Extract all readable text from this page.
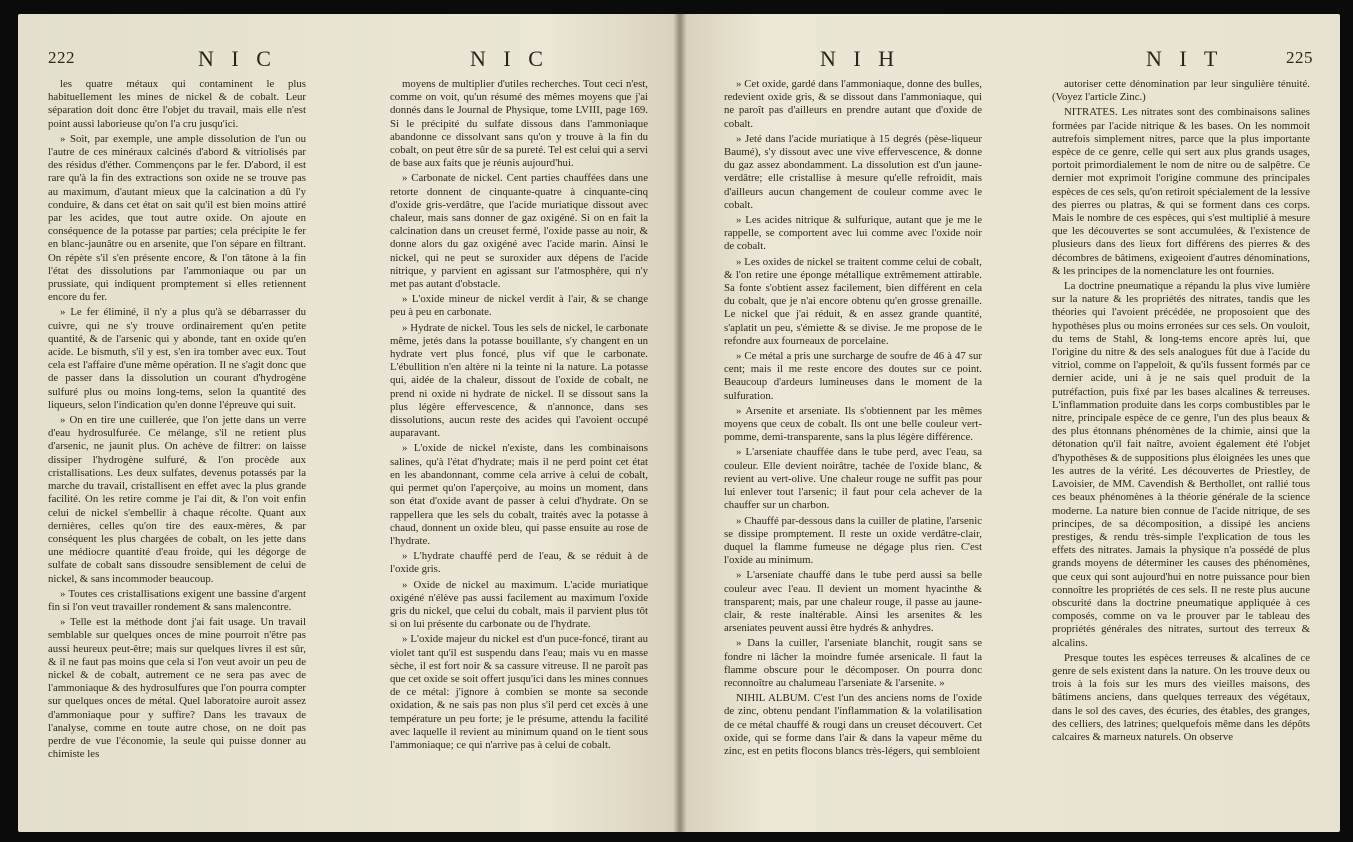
222	N I C	N I C

les quatre métaux qui contaminent le plus habituellement les mines de nickel & de cobalt. Leur séparation doit donc être l'objet du travail, mais elle n'est point aussi laborieuse qu'on l'a cru jusqu'ici.

» Soit, par exemple, une ample dissolution de l'un ou l'autre de ces minéraux calcinés d'abord & vitriolisés par des résidus d'éther. Commençons par le fer. D'abord, il est rare qu'à la fin des extractions son oxide ne se trouve pas au maximum, d'autant mieux que la calcination a dû l'y conduire, & dans cet état on sait qu'il est bien moins attiré par les acides, que tout autre oxide. On ajoute en conséquence de la potasse par parties; cela précipite le fer en blanc-jaunâtre ou en arsenite, que l'on sépare en filtrant. On répète s'il s'en présente encore, & l'on tâtone à la fin l'état des dissolutions par l'ammoniaque ou par un prussiate, qui indiquent promptement si elles retiennent encore du fer.

» Le fer éliminé, il n'y a plus qu'à se débarrasser du cuivre, qui ne s'y trouve ordinairement qu'en petite quantité, & de l'arsenic qui y abonde, tant en oxide qu'en acide. Le bismuth, s'il y est, s'en ira tomber avec eux. Tout cela est l'affaire d'une même opération. Il ne s'agit donc que de passer dans la dissolution un courant d'hydrogène sulfuré plus ou moins long-tems, selon la quantité des liqueurs, selon l'indication qu'en donne l'épreuve qui suit.

» On en tire une cuillerée, que l'on jette dans un verre d'eau hydrosulfurée. Ce mélange, s'il ne retient plus d'arsenic, ne jaunit plus. On achève de filtrer: on laisse dissiper l'hydrogène sulfuré, & l'on procède aux cristallisations. Les deux sulfates, devenus potassés par la marche du travail, cristallisent en effet avec la plus grande facilité. On les retire comme je l'ai dit, & l'on voit enfin celui de nickel s'embellir à chaque récolte. Quant aux dernières, celles qu'on tire des eaux-mères, & par conséquent les plus chargées de cobalt, on les jette dans une médiocre quantité d'eau froide, qui les dégorge de sulfate de cobalt sans dissoudre sensiblement de celui de nickel, & sans incommoder beaucoup.

» Toutes ces cristallisations exigent une bassine d'argent fin si l'on veut travailler rondement & sans malencontre.

» Telle est la méthode dont j'ai fait usage. Un travail semblable sur quelques onces de mine pourroit n'être pas aussi heureux peut-être; mais sur quelques livres il est sûr, & il ne faut pas moins que cela si l'on veut avoir un peu de nickel & de cobalt, autrement ce ne sera pas avec de l'ammoniaque & des hydrosulfures que l'on pourra compter sur quelques onces de métal. Quel laboratoire auroit assez d'ammoniaque pour y suffire? Dans les travaux de l'analyse, comme en toute autre chose, on ne doit pas perdre de vue l'économie, la seule qui puisse donner au chimiste les

moyens de multiplier d'utiles recherches. Tout ceci n'est, comme on voit, qu'un résumé des mêmes moyens que j'ai donnés dans le Journal de Physique, tome LVIII, page 169. Si le précipité du sulfate dissous dans l'ammoniaque abandonne ce dissolvant sans qu'on y trouve à la fin du cobalt, on peut être sûr de sa pureté. Tel est celui qui a servi de base aux faits que je réunis aujourd'hui.

» Carbonate de nickel. Cent parties chauffées dans une retorte donnent de cinquante-quatre à cinquante-cinq d'oxide gris-verdâtre, que l'acide muriatique dissout avec chaleur, mais sans donner de gaz oxigéné. Si on en fait la calcination dans un creuset fermé, l'oxide passe au noir, & donne alors du gaz oxigéné avec l'acide marin. Ainsi le nickel, qui ne peut se suroxider aux dépens de l'acide nitrique, y parvient en agissant sur l'atmosphère, qui n'y met pas autant d'obstacle.

» L'oxide mineur de nickel verdit à l'air, & se change peu à peu en carbonate.

» Hydrate de nickel. Tous les sels de nickel, le carbonate même, jetés dans la potasse bouillante, s'y changent en un hydrate vert plus foncé, plus vif que le carbonate. L'ébullition n'en altère ni la teinte ni la nature. La potasse qui, aidée de la chaleur, dissout de l'oxide de cobalt, ne prend ni oxide ni hydrate de nickel. Il se dissout sans la plus légère effervescence, & n'annonce, dans ses dissolutions, aucun reste des acides qui l'avoient occupé auparavant.

» L'oxide de nickel n'existe, dans les combinaisons salines, qu'à l'état d'hydrate; mais il ne perd point cet état en les abandonnant, comme cela arrive à celui de cobalt, qui permet qu'on l'aperçoive, au moins un moment, dans son état d'oxide avant de passer à celui d'hydrate. On se rappellera que les sels du cobalt, traités avec la potasse à chaud, donnent un oxide bleu, qui passe ensuite au rose de l'hydrate.

» L'hydrate chauffé perd de l'eau, & se réduit à de l'oxide gris.

» Oxide de nickel au maximum. L'acide muriatique oxigéné n'élève pas aussi facilement au maximum l'oxide gris du nickel, que celui du cobalt, mais il parvient plus tôt si on lui présente du carbonate ou de l'hydrate.

» L'oxide majeur du nickel est d'un puce-foncé, tirant au violet tant qu'il est suspendu dans l'eau; mais vu en masse sèche, il est fort noir & sa cassure vitreuse. Il ne paroît pas que cet oxide se soit offert jusqu'ici dans les mines connues de ce métal: j'ignore à combien se monte sa seconde oxidation, & ne sais pas non plus s'il perd cet excès à une température un peu forte; je le présume, attendu la facilité avec laquelle il revient au minimum quand on le tient sous l'ammoniaque; ce qui n'arrive pas à celui de cobalt.

N I H	N I T	225

» Cet oxide, gardé dans l'ammoniaque, donne des bulles, redevient oxide gris, & se dissout dans l'ammoniaque, qui ne paroît pas d'ailleurs en prendre autant que d'oxide de cobalt.

» Jeté dans l'acide muriatique à 15 degrés (pèse-liqueur Baumé), s'y dissout avec une vive effervescence, & donne du gaz assez abondamment. La dissolution est d'un jaune-verdâtre; elle cristallise à mesure qu'elle refroidit, mais d'ailleurs aucun changement de couleur comme avec le cobalt.

» Les acides nitrique & sulfurique, autant que je me le rappelle, se comportent avec lui comme avec l'oxide noir de cobalt.

» Les oxides de nickel se traitent comme celui de cobalt, & l'on retire une éponge métallique extrêmement attirable. Sa fonte s'obtient assez facilement, bien différent en cela du cobalt, que je n'ai encore obtenu qu'en grosse grenaille. Le nickel que j'ai réduit, & en assez grande quantité, s'aplatit un peu, s'émiette & se divise. Je me propose de le refondre aux fourneaux de porcelaine.

» Ce métal a pris une surcharge de soufre de 46 à 47 sur cent; mais il me reste encore des doutes sur ce point. Beaucoup d'ardeurs lumineuses dans le moment de la sulfuration.

» Arsenite et arseniate. Ils s'obtiennent par les mêmes moyens que ceux de cobalt. Ils ont une belle couleur vert-pomme, demi-transparente, sans la plus légère différence.

» L'arseniate chauffée dans le tube perd, avec l'eau, sa couleur. Elle devient noirâtre, tachée de l'oxide blanc, & revient au vert-olive. Une chaleur rouge ne suffit pas pour lui enlever tout l'arsenic; il faut pour cela achever de la chauffer sur un charbon.

» Chauffé par-dessous dans la cuiller de platine, l'arsenic se dissipe promptement. Il reste un oxide verdâtre-clair, duquel la flamme fumeuse ne dégage plus rien. C'est l'oxide au minimum.

» L'arseniate chauffé dans le tube perd aussi sa belle couleur avec l'eau. Il devient un moment hyacinthe & transparent; mais, par une chaleur rouge, il passe au jaune-clair, & reste inaltérable. Ainsi les arsenites & les arseniates peuvent aussi être hydrés & anhydres.

» Dans la cuiller, l'arseniate blanchit, rougit sans se fondre ni lâcher la moindre fumée arsenicale. Il faut la flamme obscure pour le décomposer. On pourra donc reconnoître au chalumeau l'arseniate & l'arsenite. »

NIHIL ALBUM. C'est l'un des anciens noms de l'oxide de zinc, obtenu pendant l'inflammation & la volatilisation de ce métal chauffé & rougi dans un creuset découvert. Cet oxide, qui se forme dans l'air & dans la vapeur même du zinc, est en petits flocons blancs très-légers, qui sembloient

autoriser cette dénomination par leur singulière ténuité. (Voyez l'article Zinc.)

NITRATES. Les nitrates sont des combinaisons salines formées par l'acide nitrique & les bases. On les nommoit autrefois simplement nitres, parce que la plus importante espèce de ce genre, celle qui sert aux plus grands usages, portoit primordialement le nom de nitre ou de salpêtre. Ce dernier mot exprimoit l'origine commune des principales espèces de ces sels, qu'on retiroit spécialement de la lessive des pierres ou platras, & qui se forment dans ces corps. Mais le nombre de ces espèces, qui s'est multiplié à mesure que les découvertes se sont accumulées, & l'existence de plusieurs dans des lieux fort différens des pierres & des décombres de bâtimens, exigeoient d'autres dénominations, & les principes de la nomenclature les ont fournies.

La doctrine pneumatique a répandu la plus vive lumière sur la nature & les propriétés des nitrates, tandis que les théories qui l'avoient précédée, ne proposoient que des hypothèses plus ou moins erronées sur ces sels. On vouloit, du tems de Stahl, & long-tems encore après lui, que l'origine du nitre & des sels analogues fût due à l'acide du vitriol, comme on l'appeloit, & qu'ils fussent formés par ce dernier acide, uni à je ne sais quel produit de la putréfaction, puis fixé par les bases alcalines & terreuses. L'inflammation produite dans les corps combustibles par le nitre, principale espèce de ce genre, l'un des plus beaux & des plus étonnans phénomènes de la chimie, ainsi que la détonation qu'il fait naître, avoient également été l'objet d'hypothèses & de suppositions plus éloignées les unes que les autres de la vérité. Les découvertes de Priestley, de Lavoisier, de MM. Cavendish & Berthollet, ont rallié tous ces beaux phénomènes à la théorie générale de la science moderne. La nature bien connue de l'acide nitrique, de ses principes, de sa décomposition, a dissipé les anciens prestiges, & rendu très-simple l'explication de tous les effets des nitrates. Jamais la physique n'a possédé de plus grands moyens de déterminer les causes des phénomènes, que ceux qui sont aujourd'hui en notre puissance pour bien connoître les propriétés de ces sels. Il ne reste plus aucune obscurité dans la doctrine pneumatique appliquée à ces composés, comme on va le prouver par le tableau des propriétés générales des nitrates, surtout des terreux & alcalins.

Presque toutes les espèces terreuses & alcalines de ce genre de sels existent dans la nature. On les trouve deux ou trois à la fois sur les murs des vieilles maisons, des bâtimens anciens, dans quelques terreaux des végétaux, dans le sol des caves, des écuries, des étables, des granges, des celliers, des latrines; quelquefois même dans les dépôts calcaires & marneux naturels. On observe
